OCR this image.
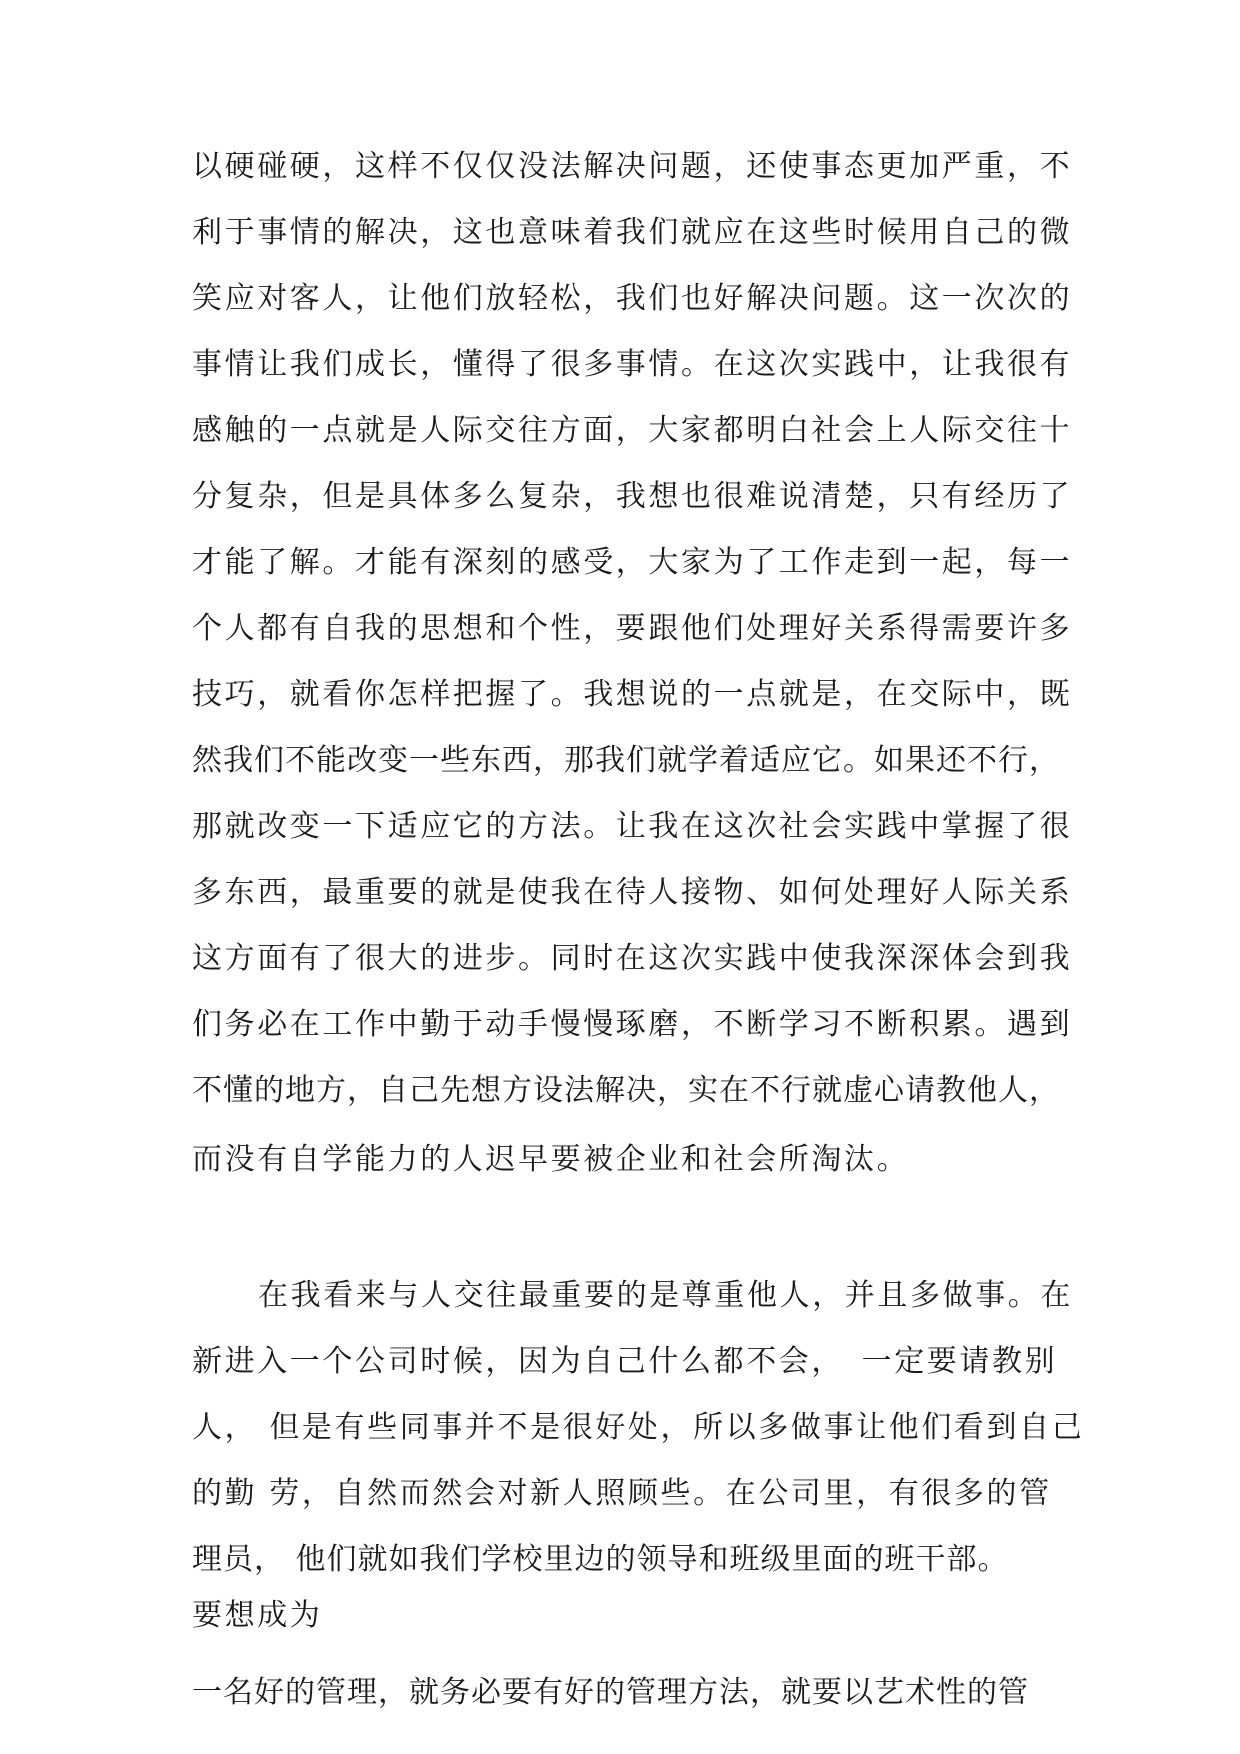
以硬碰硬，这样不仅仅没法解决问题，还使事态更加严重，不
利于事情的解决，这也意味着我们就应在这些时候用自己的微
笑应对客人，让他们放轻松，我们也好解决问题。这一次次的
事情让我们成长，懂得了很多事情。在这次实践中，让我很有
感触的一点就是人际交往方面，大家都明白社会上人际交往十
分复杂，但是具体多么复杂，我想也很难说清楚，只有经历了
才能了解。才能有深刻的感受，大家为了工作走到一起，每一
个人都有自我的思想和个性，要跟他们处理好关系得需要许多
技巧，就看你怎样把握了。我想说的一点就是，在交际中，既
然我们不能改变一些东西，那我们就学着适应它。如果还不行，
那就改变一下适应它的方法。让我在这次社会实践中掌握了很
多东西，最重要的就是使我在待人接物、如何处理好人际关系
这方面有了很大的进步。同时在这次实践中使我深深体会到我
们务必在工作中勤于动手慢慢琢磨，不断学习不断积累。遇到
不懂的地方，自己先想方设法解决，实在不行就虚心请教他人，
而没有自学能力的人迟早要被企业和社会所淘汰。
在我看来与人交往最重要的是尊重他人，并且多做事。在
新进入一个公司时候，因为自己什么都不会，　一定要请教别
人， 但是有些同事并不是很好处，所以多做事让他们看到自己
的勤 劳，自然而然会对新人照顾些。在公司里，有很多的管
理员， 他们就如我们学校里边的领导和班级里面的班干部。
要想成为
一名好的管理，就务必要有好的管理方法，就要以艺术性的管
